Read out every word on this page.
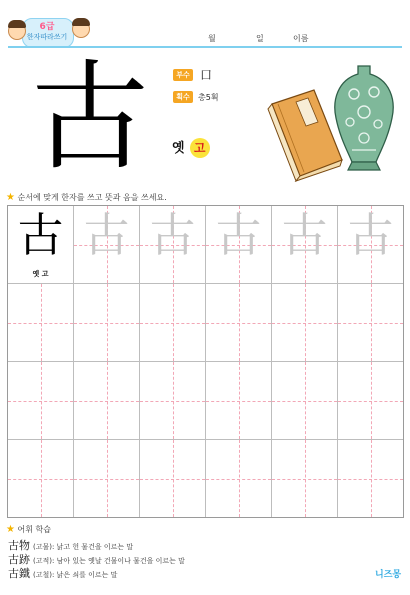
6급
한자따라쓰기	월	일	이름
古	부수 口
획수	총5획
옛 고
★ 순서에 맞게 한자를 쓰고 뜻과 음을 쓰세요.
古
옛 고
古 古 古 古 古
★ 어휘 학습
古物 (고물): 낡고 헌 물건을 이르는 말
古跡 (고적): 남아 있는 옛날 건물이나 물건을 이르는 말
古鐵 (고철): 낡은 쇠를 이르는 말	니즈몽
